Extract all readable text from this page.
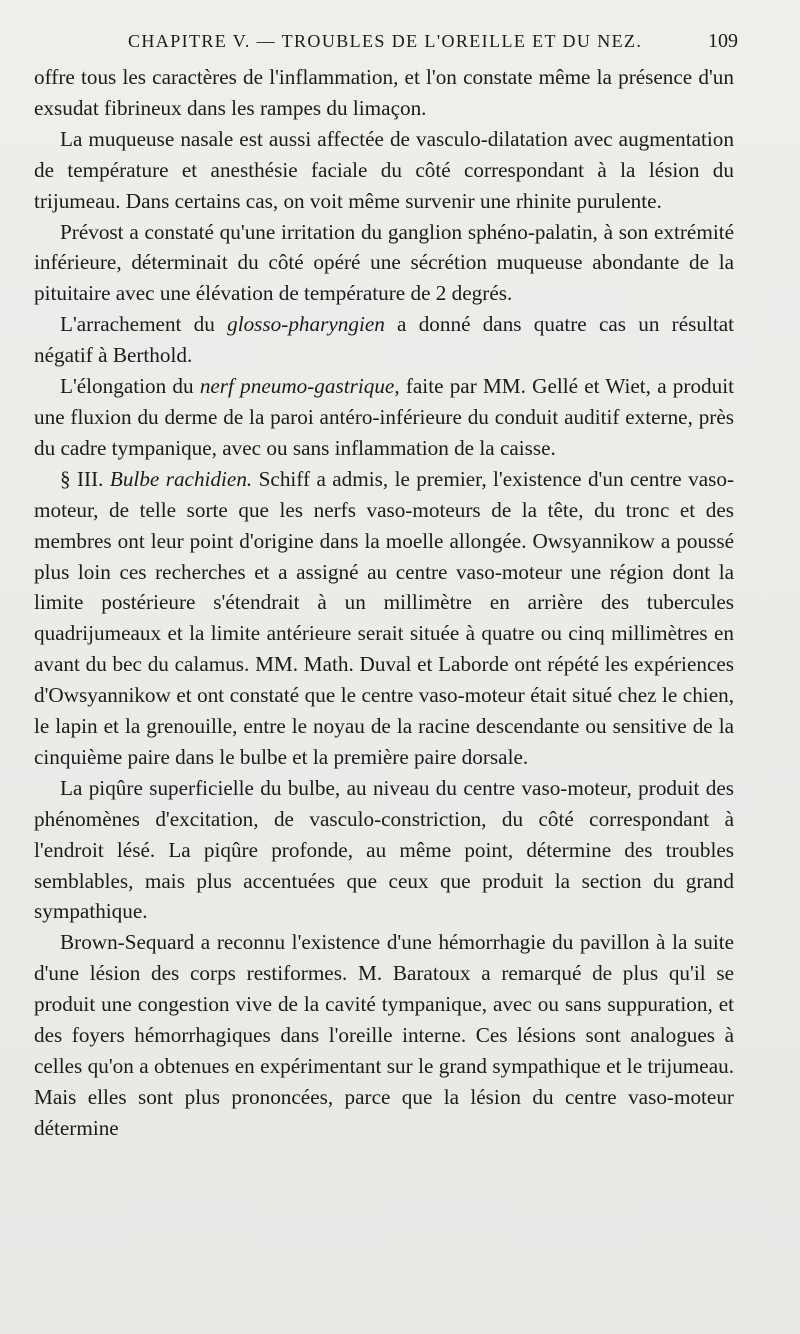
CHAPITRE V. — TROUBLES DE L'OREILLE ET DU NEZ.	109

offre tous les caractères de l'inflammation, et l'on constate même la présence d'un exsudat fibrineux dans les rampes du limaçon.

La muqueuse nasale est aussi affectée de vasculo-dilatation avec augmentation de température et anesthésie faciale du côté correspondant à la lésion du trijumeau. Dans certains cas, on voit même survenir une rhinite purulente.

Prévost a constaté qu'une irritation du ganglion sphéno-palatin, à son extrémité inférieure, déterminait du côté opéré une sécrétion muqueuse abondante de la pituitaire avec une élévation de température de 2 degrés.

L'arrachement du glosso-pharyngien a donné dans quatre cas un résultat négatif à Berthold.

L'élongation du nerf pneumo-gastrique, faite par MM. Gellé et Wiet, a produit une fluxion du derme de la paroi antéro-inférieure du conduit auditif externe, près du cadre tympanique, avec ou sans inflammation de la caisse.

§ III. Bulbe rachidien. Schiff a admis, le premier, l'existence d'un centre vaso-moteur, de telle sorte que les nerfs vaso-moteurs de la tête, du tronc et des membres ont leur point d'origine dans la moelle allongée. Owsyannikow a poussé plus loin ces recherches et a assigné au centre vaso-moteur une région dont la limite postérieure s'étendrait à un millimètre en arrière des tubercules quadrijumeaux et la limite antérieure serait située à quatre ou cinq millimètres en avant du bec du calamus. MM. Math. Duval et Laborde ont répété les expériences d'Owsyannikow et ont constaté que le centre vaso-moteur était situé chez le chien, le lapin et la grenouille, entre le noyau de la racine descendante ou sensitive de la cinquième paire dans le bulbe et la première paire dorsale.

La piqûre superficielle du bulbe, au niveau du centre vaso-moteur, produit des phénomènes d'excitation, de vasculo-constriction, du côté correspondant à l'endroit lésé. La piqûre profonde, au même point, détermine des troubles semblables, mais plus accentuées que ceux que produit la section du grand sympathique.

Brown-Sequard a reconnu l'existence d'une hémorrhagie du pavillon à la suite d'une lésion des corps restiformes. M. Baratoux a remarqué de plus qu'il se produit une congestion vive de la cavité tympanique, avec ou sans suppuration, et des foyers hémorrhagiques dans l'oreille interne. Ces lésions sont analogues à celles qu'on a obtenues en expérimentant sur le grand sympathique et le trijumeau. Mais elles sont plus prononcées, parce que la lésion du centre vaso-moteur détermine
